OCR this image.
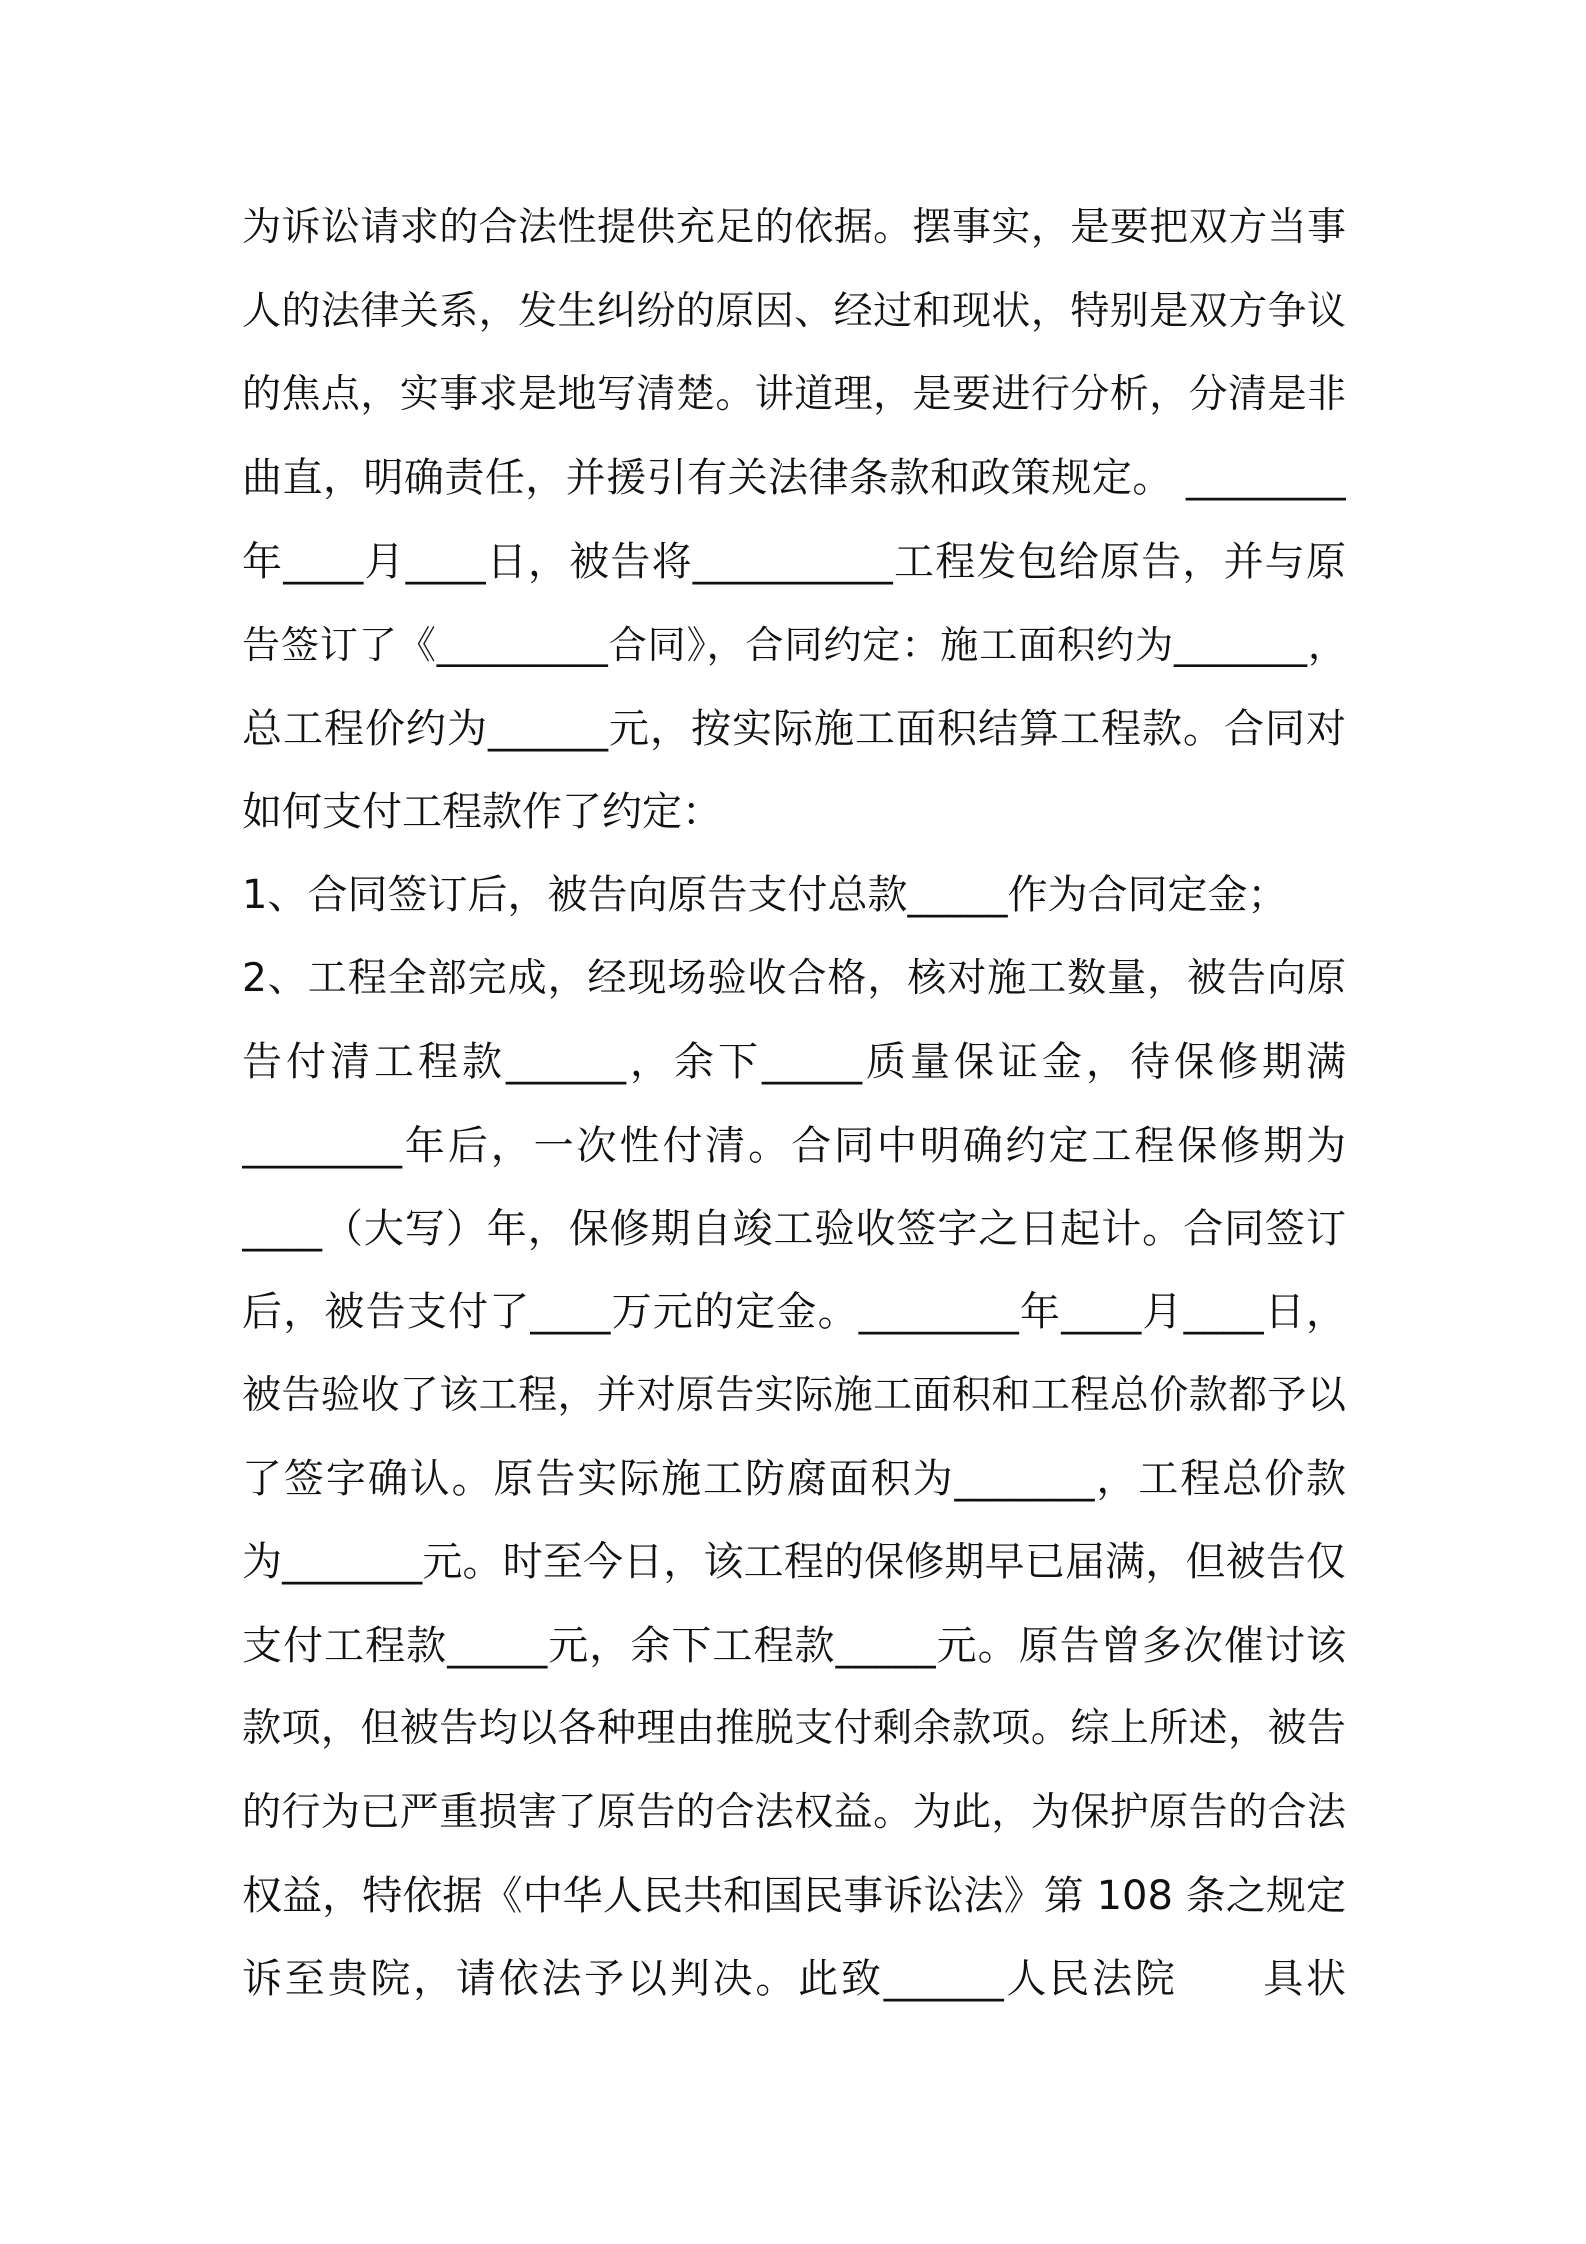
为诉讼请求的合法性提供充足的依据。摆事实，是要把双方当事
人的法律关系，发生纠纷的原因、经过和现状，特别是双方争议
的焦点，实事求是地写清楚。讲道理，是要进行分析，分清是非
曲直，明确责任，并援引有关法律条款和政策规定。 ________
年____月____日，被告将__________工程发包给原告，并与原
告签订了《_________合同》，合同约定：施工面积约为_______，
总工程价约为______元，按实际施工面积结算工程款。合同对
如何支付工程款作了约定：
1、合同签订后，被告向原告支付总款_____作为合同定金；
2、工程全部完成，经现场验收合格，核对施工数量，被告向原
告付清工程款______，余下_____质量保证金，待保修期满
________年后，一次性付清。合同中明确约定工程保修期为
____（大写）年，保修期自竣工验收签字之日起计。合同签订
后，被告支付了____万元的定金。________年____月____日，
被告验收了该工程，并对原告实际施工面积和工程总价款都予以
了签字确认。原告实际施工防腐面积为_______，工程总价款
为_______元。时至今日，该工程的保修期早已届满，但被告仅
支付工程款_____元，余下工程款_____元。原告曾多次催讨该
款项，但被告均以各种理由推脱支付剩余款项。综上所述，被告
的行为已严重损害了原告的合法权益。为此，为保护原告的合法
权益，特依据《中华人民共和国民事诉讼法》第 108 条之规定
诉至贵院，请依法予以判决。此致______人民法院　　具状
